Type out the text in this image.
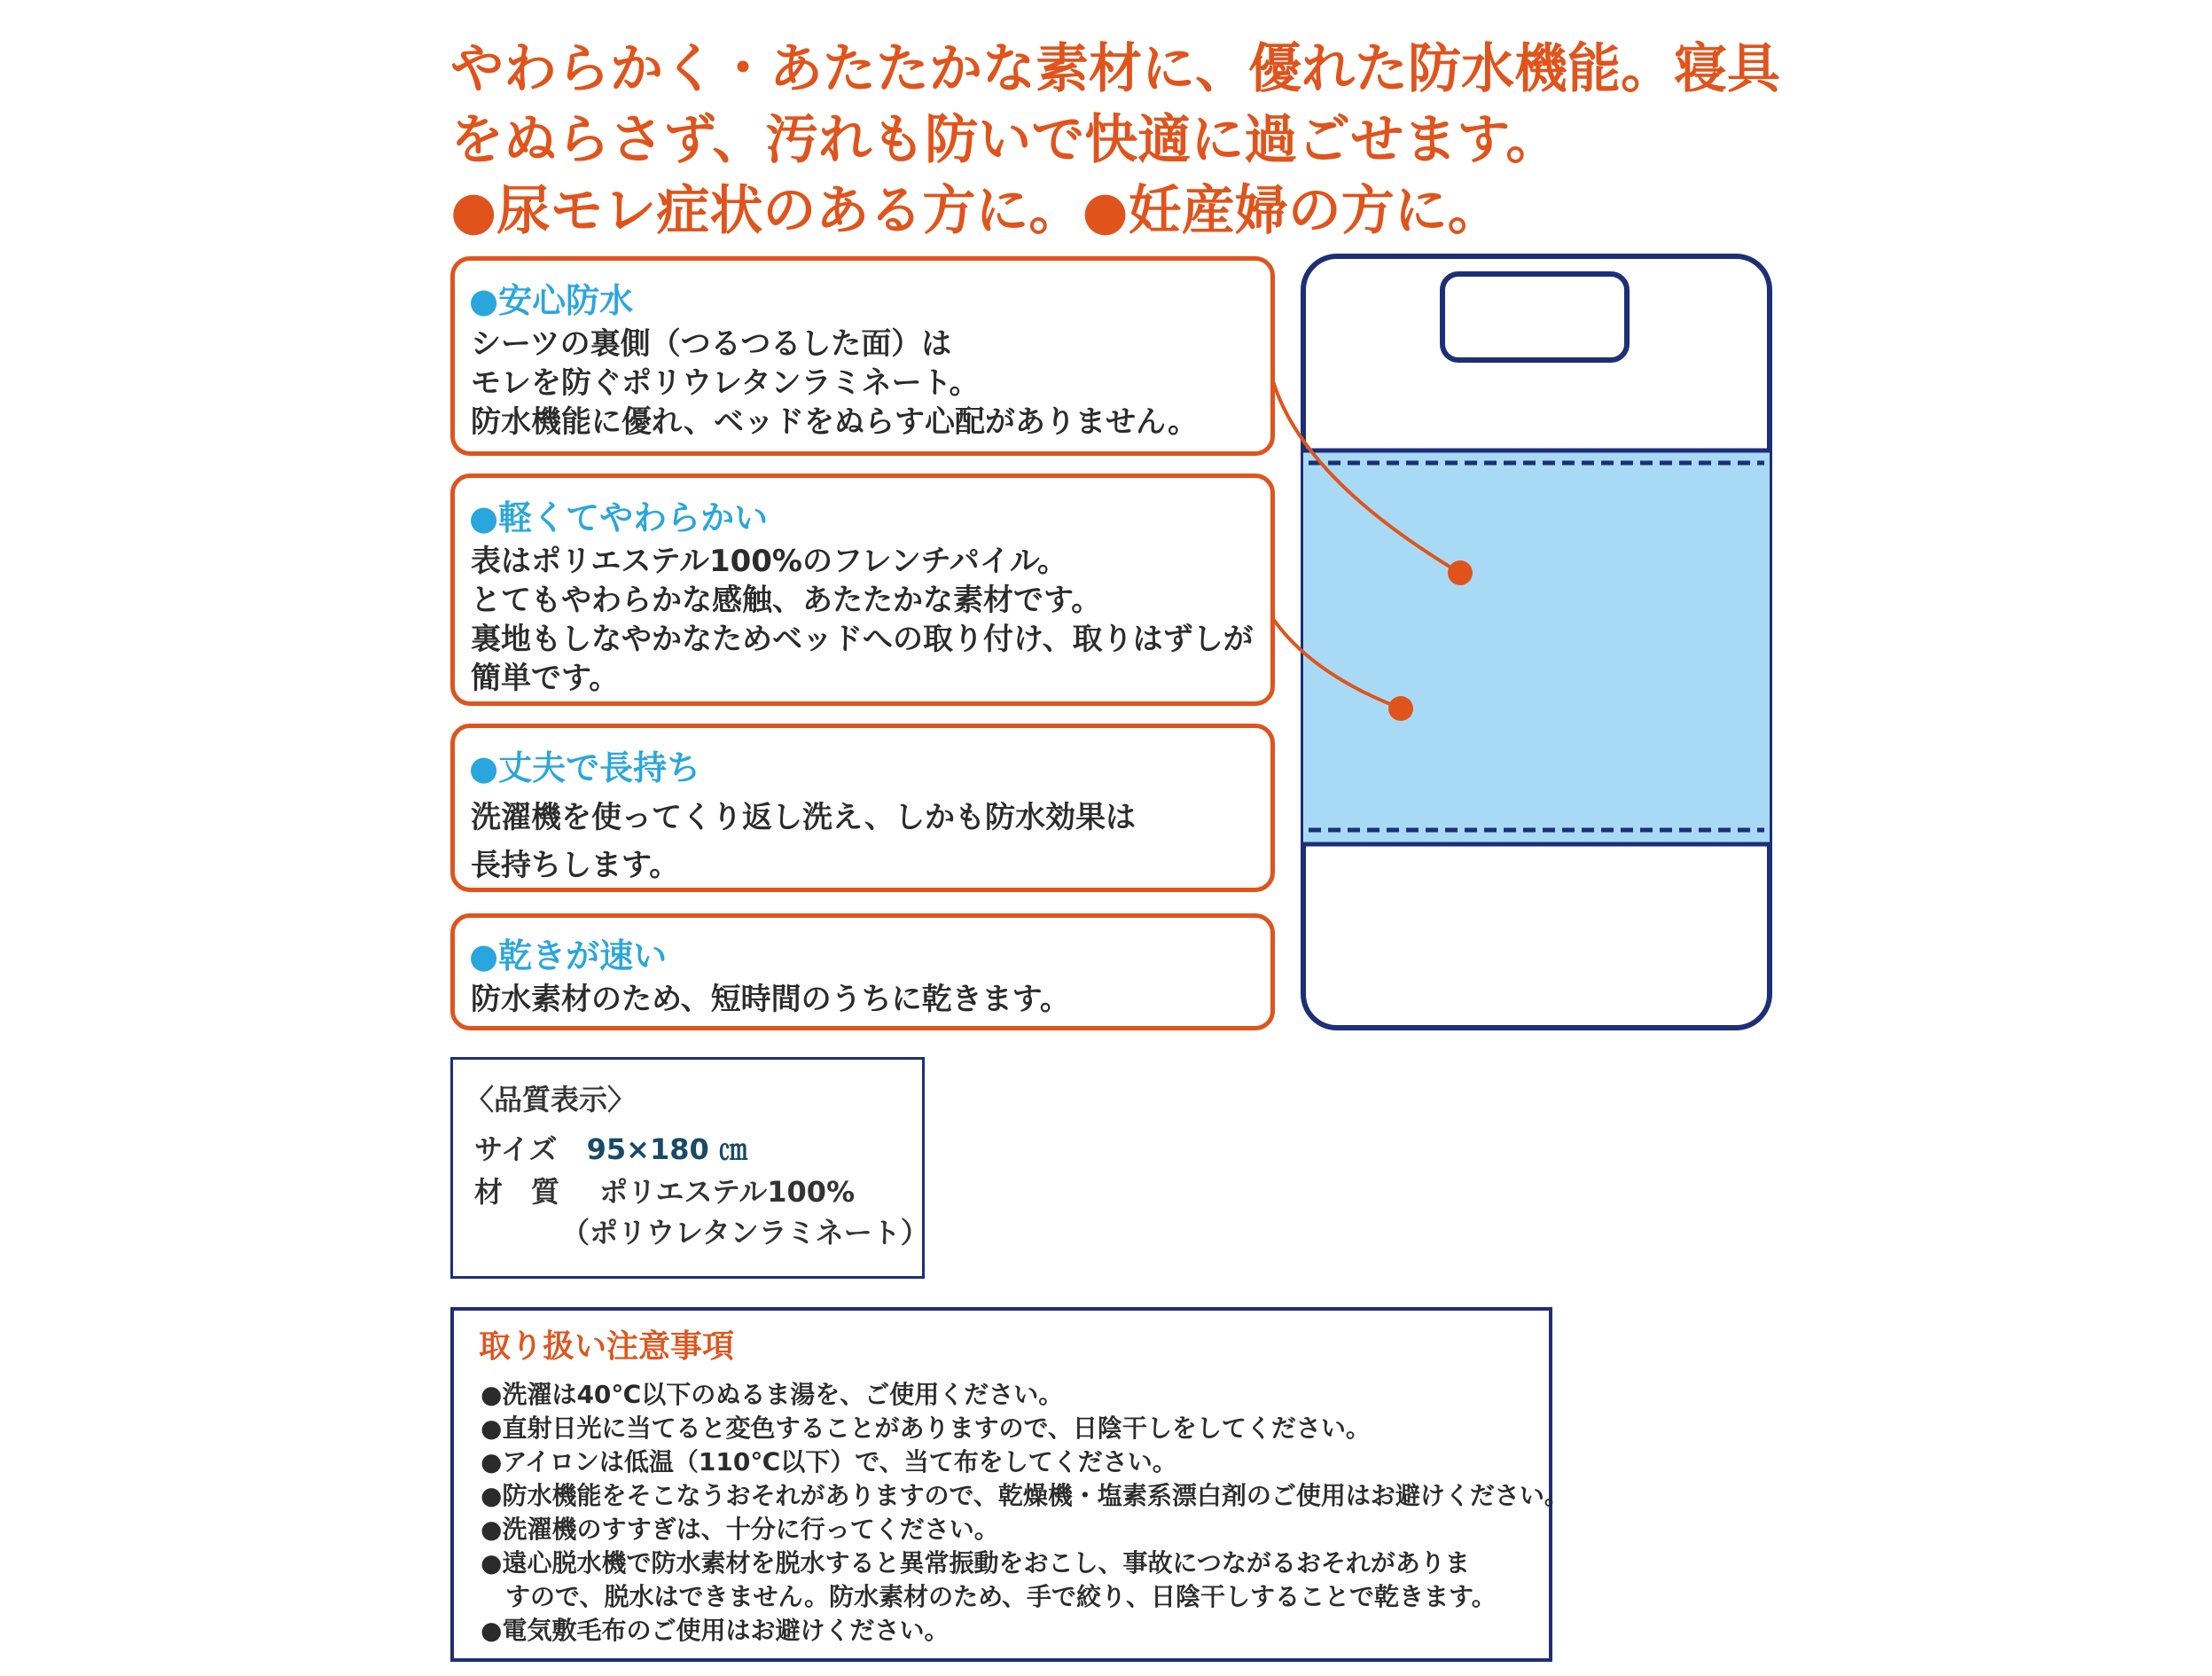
やわらかく・あたたかな素材に、優れた防水機能。寝具
をぬらさず、汚れも防いで快適に過ごせます。
●尿モレ症状のある方に。●妊産婦の方に。
●安心防水
シーツの裏側（つるつるした面）は
モレを防ぐポリウレタンラミネート。
防水機能に優れ、ベッドをぬらす心配がありません。
●軽くてやわらかい
表はポリエステル100%のフレンチパイル。
とてもやわらかな感触、あたたかな素材です。
裏地もしなやかなためベッドへの取り付け、取りはずしが
簡単です。
●丈夫で長持ち
洗濯機を使ってくり返し洗え、しかも防水効果は
長持ちします。
●乾きが速い
防水素材のため、短時間のうちに乾きます。
〈品質表示〉
サイズ 95×180 ㎝
材　質 ポリエステル100%
（ポリウレタンラミネート）
取り扱い注意事項
● 洗濯は40℃以下のぬるま湯を、ご使用ください。
● 直射日光に当てると変色することがありますので、日陰干しをしてください。
● アイロンは低温（110℃以下）で、当て布をしてください。
● 防水機能をそこなうおそれがありますので、乾燥機・塩素系漂白剤のご使用はお避けください。
● 洗濯機のすすぎは、十分に行ってください。
● 遠心脱水機で防水素材を脱水すると異常振動をおこし、事故につながるおそれがありま
すので、脱水はできません。防水素材のため、手で絞り、日陰干しすることで乾きます。
● 電気敷毛布のご使用はお避けください。
